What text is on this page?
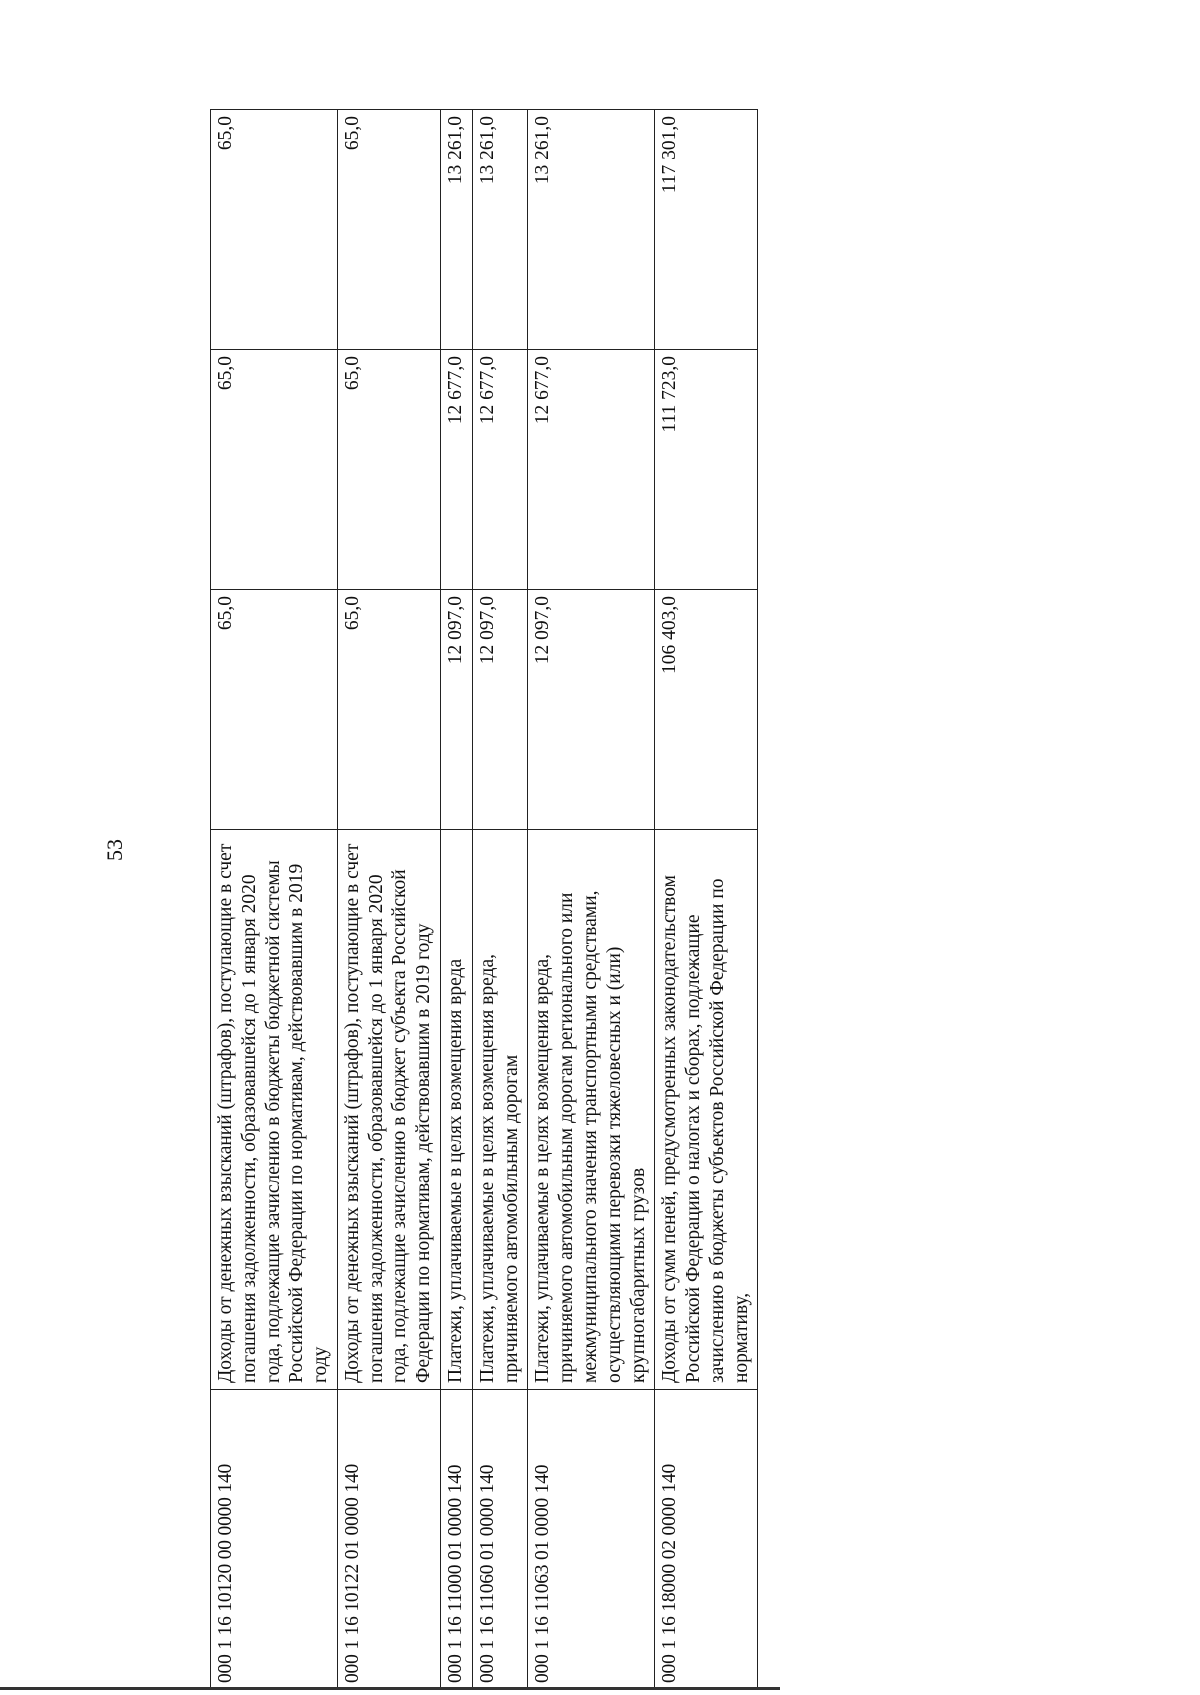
53
000 1 16 10120 00 0000 140	Доходы от денежных взысканий (штрафов), поступающие в счет погашения задолженности, образовавшейся до 1 января 2020 года, подлежащие зачислению в бюджеты бюджетной системы Российской Федерации по нормативам, действовавшим в 2019 году	65,0	65,0	65,0
000 1 16 10122 01 0000 140	Доходы от денежных взысканий (штрафов), поступающие в счет погашения задолженности, образовавшейся до 1 января 2020 года, подлежащие зачислению в бюджет субъекта Российской Федерации по нормативам, действовавшим в 2019 году	65,0	65,0	65,0
000 1 16 11000 01 0000 140	Платежи, уплачиваемые в целях возмещения вреда	12 097,0	12 677,0	13 261,0
000 1 16 11060 01 0000 140	Платежи, уплачиваемые в целях возмещения вреда, причиняемого автомобильным дорогам	12 097,0	12 677,0	13 261,0
000 1 16 11063 01 0000 140	Платежи, уплачиваемые в целях возмещения вреда, причиняемого автомобильным дорогам регионального или межмуниципального значения транспортными средствами, осуществляющими перевозки тяжеловесных и (или) крупногабаритных грузов	12 097,0	12 677,0	13 261,0
000 1 16 18000 02 0000 140	Доходы от сумм пеней, предусмотренных законодательством Российской Федерации о налогах и сборах, подлежащие зачислению в бюджеты субъектов Российской Федерации по нормативу,	106 403,0	111 723,0	117 301,0
